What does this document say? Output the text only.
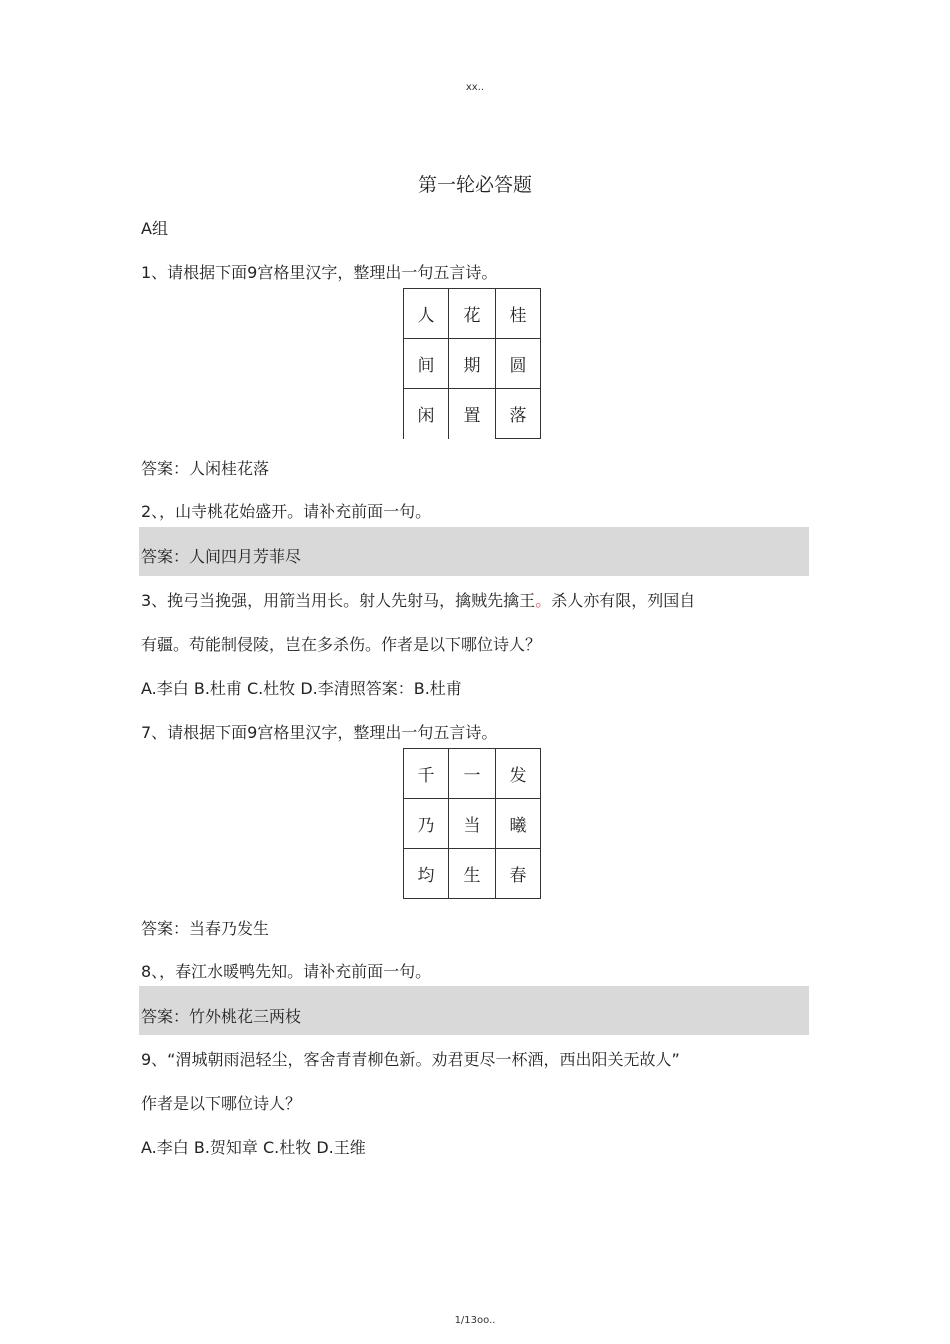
xx..
第一轮必答题
A组
1、请根据下面9宫格里汉字，整理出一句五言诗。
人	花	桂
间	期	圆
闲	置	落
答案：人闲桂花落
2、，山寺桃花始盛开。请补充前面一句。
答案：人间四月芳菲尽
3、挽弓当挽强，用箭当用长。射人先射马，擒贼先擒王。杀人亦有限，列国自
有疆。苟能制侵陵，岂在多杀伤。作者是以下哪位诗人？
A.李白 B.杜甫 C.杜牧 D.李清照答案：B.杜甫
7、请根据下面9宫格里汉字，整理出一句五言诗。
千	一	发
乃	当	曦
均	生	春
答案：当春乃发生
8、，春江水暖鸭先知。请补充前面一句。
答案：竹外桃花三两枝
9、“渭城朝雨浥轻尘，客舍青青柳色新。劝君更尽一杯酒，西出阳关无故人”
作者是以下哪位诗人？
A.李白 B.贺知章 C.杜牧 D.王维
1/13oo..
